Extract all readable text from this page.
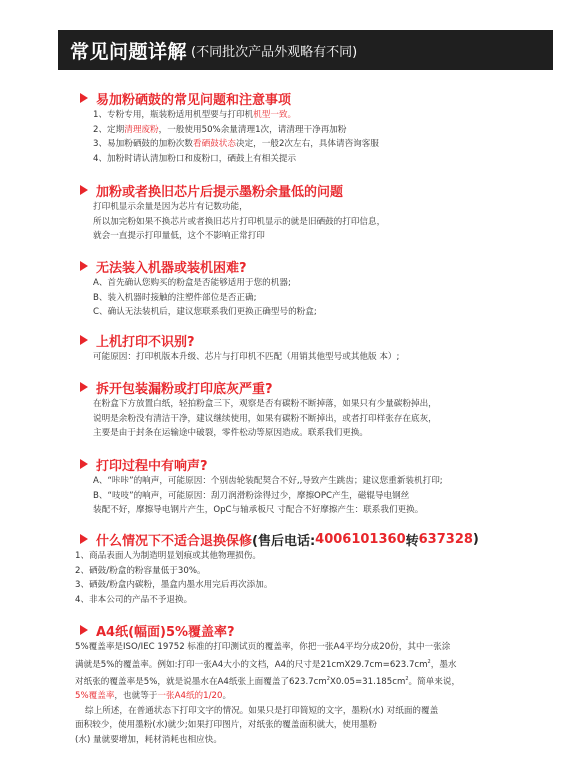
常见问题详解 (不同批次产品外观略有不同)
易加粉硒鼓的常见问题和注意事项
1、专粉专用，瓶装粉适用机型要与打印机机型一致。
2、定期清理废粉，一般使用50%余量清理1次，请清理干净再加粉
3、易加粉硒鼓的加粉次数看硒鼓状态决定，一般2次左右，具体请咨询客服
4、加粉时请认清加粉口和废粉口，硒鼓上有相关提示
加粉或者换旧芯片后提示墨粉余量低的问题
打印机显示余量是因为芯片有记数功能，
所以加完粉如果不换芯片或者换旧芯片打印机显示的就是旧硒鼓的打印信息，
就会一直提示打印量低，这个不影响正常打印
无法装入机器或装机困难?
A、首先确认您购买的粉盒是否能够适用于您的机器;
B、装入机器时接触的注塑件部位是否正确;
C、确认无法装机后，建议您联系我们更换正确型号的粉盒;
上机打印不识别?
可能原因：打印机版本升级、芯片与打印机不匹配（用销其他型号或其他版 本）;
拆开包装漏粉或打印底灰严重?
在粉盒下方放置白纸，轻拍粉盒三下，观察是否有碳粉不断掉落，如果只有少量碳粉掉出，
说明是余粉没有清洁干净，建议继续使用，如果有碳粉不断掉出，或者打印样张存在底灰，
主要是由于封条在运输途中破裂，零件松动等原因造成。联系我们更换。
打印过程中有响声?
A、“咔咔”的响声，可能原因：个别齿轮装配契合不好,,导致产生跳齿；建议您重新装机打印;
B、“吱吱”的响声，可能原因：刮刀润滑粉涂得过少，摩擦OPC产生，磁辊导电钢丝
装配不好，摩擦导电钢片产生，OpC与轴承板尺 寸配合不好摩擦产生：联系我们更换。
什么情况下不适合退换保修 (售后电话: 4006101360 转 637328 )
1、商品表面人为制造明显划痕或其他物理损伤。
2、硒鼓/粉盒的粉容量低于30%。
3、硒鼓/粉盒内碳粉，墨盒内墨水用完后再次添加。
4、非本公司的产品不予退换。
A4纸(幅面)5%覆盖率?
5%覆盖率是ISO/IEC 19752 标准的打印测试页的覆盖率，你把一张A4平均分成20份，其中一张涂
满就是5%的覆盖率。例如:打印一张A4大小的文档，A4的尺寸是$21cmX29.7cm=623.7cm^2$，墨水
对纸张的覆盖率是5%，就是说墨水在A4纸张上面覆盖了$623.7cm^2X0.05=31.185cm^2$。简单来说，
5%覆盖率，也就等于一张A4纸的1/20。
综上所述，在普通状态下打印文字的情况。如果只是打印简短的文字，墨粉(水) 对纸面的覆盖
面积较少，使用墨粉(水)就少;如果打印图片，对纸张的覆盖面积就大，使用墨粉
(水) 量就要增加，耗材消耗也相应快。
